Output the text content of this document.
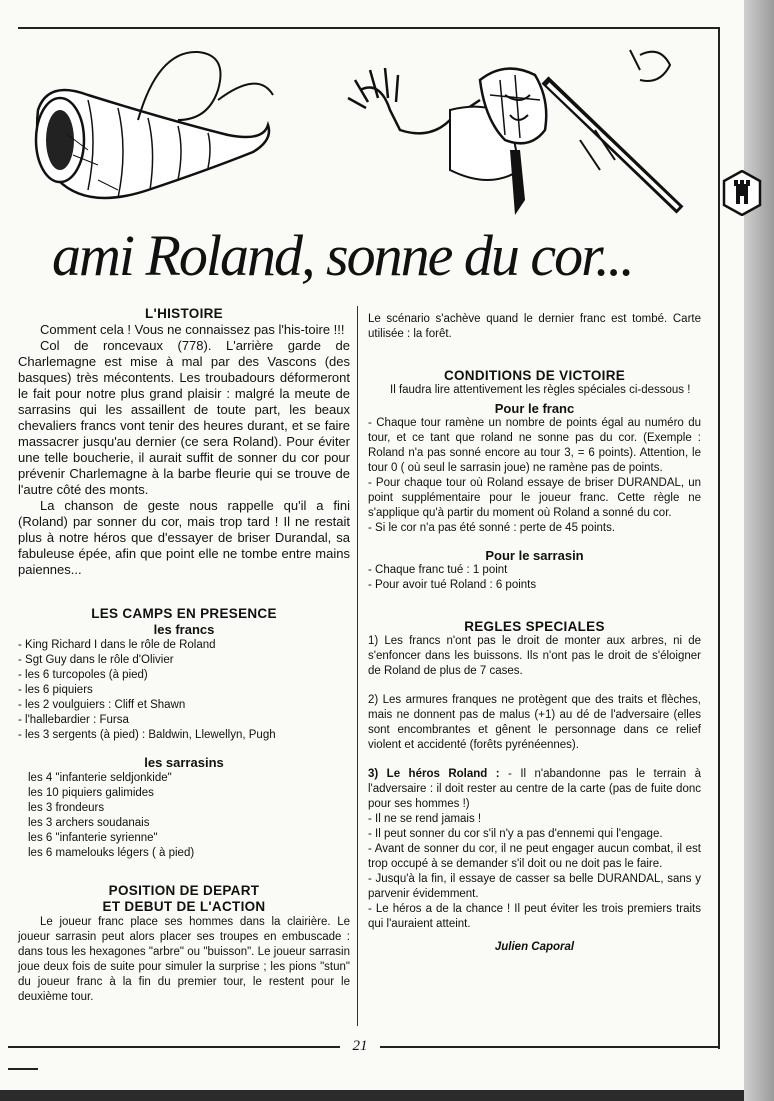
ami Roland, sonne du cor...
L'HISTOIRE

Comment cela ! Vous ne connaissez pas l'his-toire !!!

Col de roncevaux (778). L'arrière garde de Charlemagne est mise à mal par des Vascons (des basques) très mécontents. Les troubadours déformeront le fait pour notre plus grand plaisir : malgré la meute de sarrasins qui les assaillent de toute part, les beaux chevaliers francs vont tenir des heures durant, et se faire massacrer jusqu'au dernier (ce sera Roland). Pour éviter une telle boucherie, il aurait suffit de sonner du cor pour prévenir Charlemagne à la barbe fleurie qui se trouve de l'autre côté des monts.

La chanson de geste nous rappelle qu'il a fini (Roland) par sonner du cor, mais trop tard ! Il ne restait plus à notre héros que d'essayer de briser Durandal, sa fabuleuse épée, afin que point elle ne tombe entre mains paiennes...

LES CAMPS EN PRESENCE
les francs
- King Richard I dans le rôle de Roland
- Sgt Guy dans le rôle d'Olivier
- les 6 turcopoles (à pied)
- les 6 piquiers
- les 2 voulguiers : Cliff et Shawn
- l'hallebardier : Fursa
- les 3 sergents (à pied) : Baldwin, Llewellyn, Pugh
les sarrasins
les 4 "infanterie seldjonkide"
les 10 piquiers galimides
les 3 frondeurs
les 3 archers soudanais
les 6 "infanterie syrienne"
les 6 mamelouks légers ( à pied)
POSITION DE DEPART
ET DEBUT DE L'ACTION

Le joueur franc place ses hommes dans la clairière. Le joueur sarrasin peut alors placer ses troupes en embuscade : dans tous les hexagones "arbre" ou "buisson". Le joueur sarrasin joue deux fois de suite pour simuler la surprise ; les pions "stun" du joueur franc à la fin du premier tour, le restent pour le deuxième tour.

Le scénario s'achève quand le dernier franc est tombé. Carte utilisée : la forêt.

CONDITIONS DE VICTOIRE

Il faudra lire attentivement les règles spéciales ci-dessous !

Pour le franc

- Chaque tour ramène un nombre de points égal au numéro du tour, et ce tant que roland ne sonne pas du cor. (Exemple : Roland n'a pas sonné encore au tour 3, = 6 points). Attention, le tour 0 ( où seul le sarrasin joue) ne ramène pas de points.

- Pour chaque tour où Roland essaye de briser DURANDAL, un point supplémentaire pour le joueur franc. Cette règle ne s'applique qu'à partir du moment où Roland a sonné du cor.

- Si le cor n'a pas été sonné : perte de 45 points.

Pour le sarrasin

- Chaque franc tué : 1 point

- Pour avoir tué Roland : 6 points

REGLES SPECIALES

1) Les francs n'ont pas le droit de monter aux arbres, ni de s'enfoncer dans les buissons. Ils n'ont pas le droit de s'éloigner de Roland de plus de 7 cases.

2) Les armures franques ne protègent que des traits et flèches, mais ne donnent pas de malus (+1) au dé de l'adversaire (elles sont encombrantes et gênent le personnage dans ce relief violent et accidenté (forêts pyrénéennes).

3) Le héros Roland : - Il n'abandonne pas le terrain à l'adversaire : il doit rester au centre de la carte (pas de fuite donc pour ses hommes !)

- Il ne se rend jamais !

- Il peut sonner du cor s'il n'y a pas d'ennemi qui l'engage.

- Avant de sonner du cor, il ne peut engager aucun combat, il est trop occupé à se demander s'il doit ou ne doit pas le faire.

- Jusqu'à la fin, il essaye de casser sa belle DURANDAL, sans y parvenir évidemment.

- Le héros a de la chance ! Il peut éviter les trois premiers traits qui l'auraient atteint.

Julien Caporal

21
